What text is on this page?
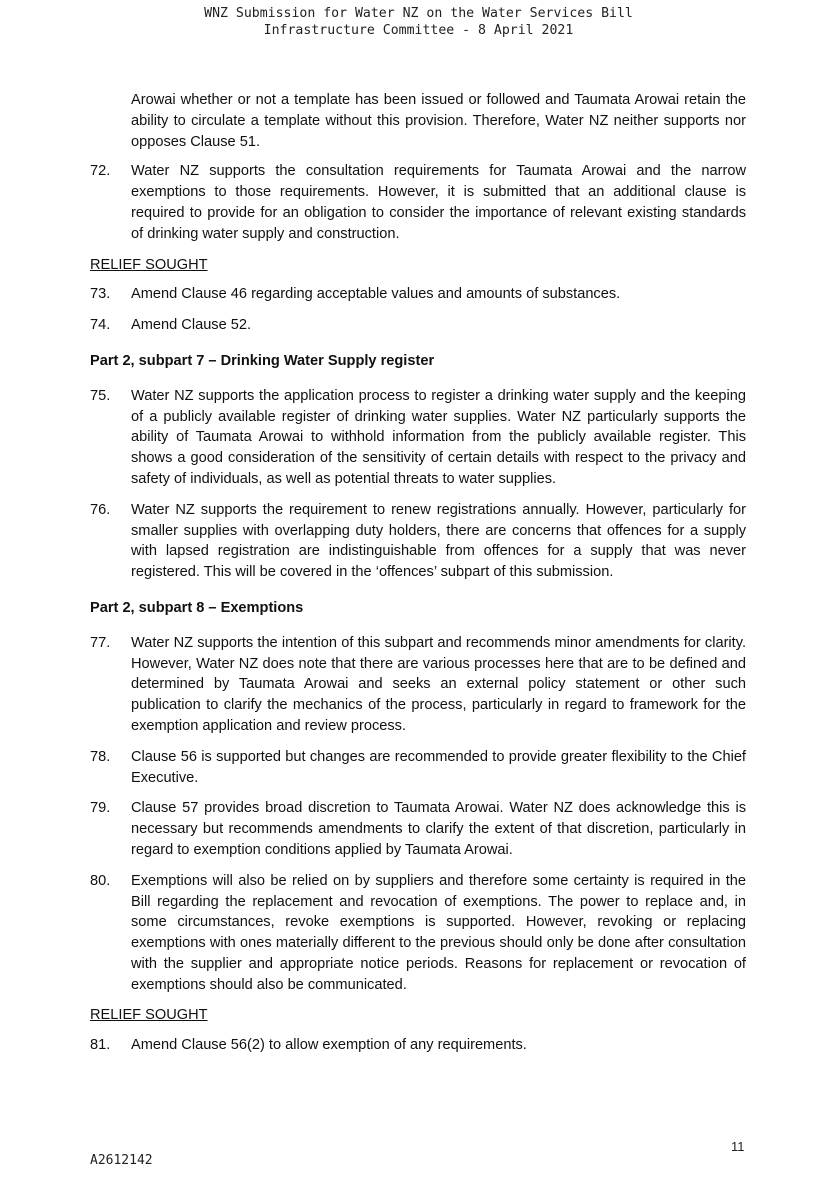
WNZ Submission for Water NZ on the Water Services Bill
Infrastructure Committee - 8 April 2021
Arowai whether or not a template has been issued or followed and Taumata Arowai retain the ability to circulate a template without this provision. Therefore, Water NZ neither supports nor opposes Clause 51.
72. Water NZ supports the consultation requirements for Taumata Arowai and the narrow exemptions to those requirements. However, it is submitted that an additional clause is required to provide for an obligation to consider the importance of relevant existing standards of drinking water supply and construction.
RELIEF SOUGHT
73. Amend Clause 46 regarding acceptable values and amounts of substances.
74. Amend Clause 52.
Part 2, subpart 7 – Drinking Water Supply register
75. Water NZ supports the application process to register a drinking water supply and the keeping of a publicly available register of drinking water supplies. Water NZ particularly supports the ability of Taumata Arowai to withhold information from the publicly available register. This shows a good consideration of the sensitivity of certain details with respect to the privacy and safety of individuals, as well as potential threats to water supplies.
76. Water NZ supports the requirement to renew registrations annually. However, particularly for smaller supplies with overlapping duty holders, there are concerns that offences for a supply with lapsed registration are indistinguishable from offences for a supply that was never registered. This will be covered in the ‘offences’ subpart of this submission.
Part 2, subpart 8 – Exemptions
77. Water NZ supports the intention of this subpart and recommends minor amendments for clarity. However, Water NZ does note that there are various processes here that are to be defined and determined by Taumata Arowai and seeks an external policy statement or other such publication to clarify the mechanics of the process, particularly in regard to framework for the exemption application and review process.
78. Clause 56 is supported but changes are recommended to provide greater flexibility to the Chief Executive.
79. Clause 57 provides broad discretion to Taumata Arowai. Water NZ does acknowledge this is necessary but recommends amendments to clarify the extent of that discretion, particularly in regard to exemption conditions applied by Taumata Arowai.
80. Exemptions will also be relied on by suppliers and therefore some certainty is required in the Bill regarding the replacement and revocation of exemptions. The power to replace and, in some circumstances, revoke exemptions is supported. However, revoking or replacing exemptions with ones materially different to the previous should only be done after consultation with the supplier and appropriate notice periods. Reasons for replacement or revocation of exemptions should also be communicated.
RELIEF SOUGHT
81. Amend Clause 56(2) to allow exemption of any requirements.
11
A2612142
